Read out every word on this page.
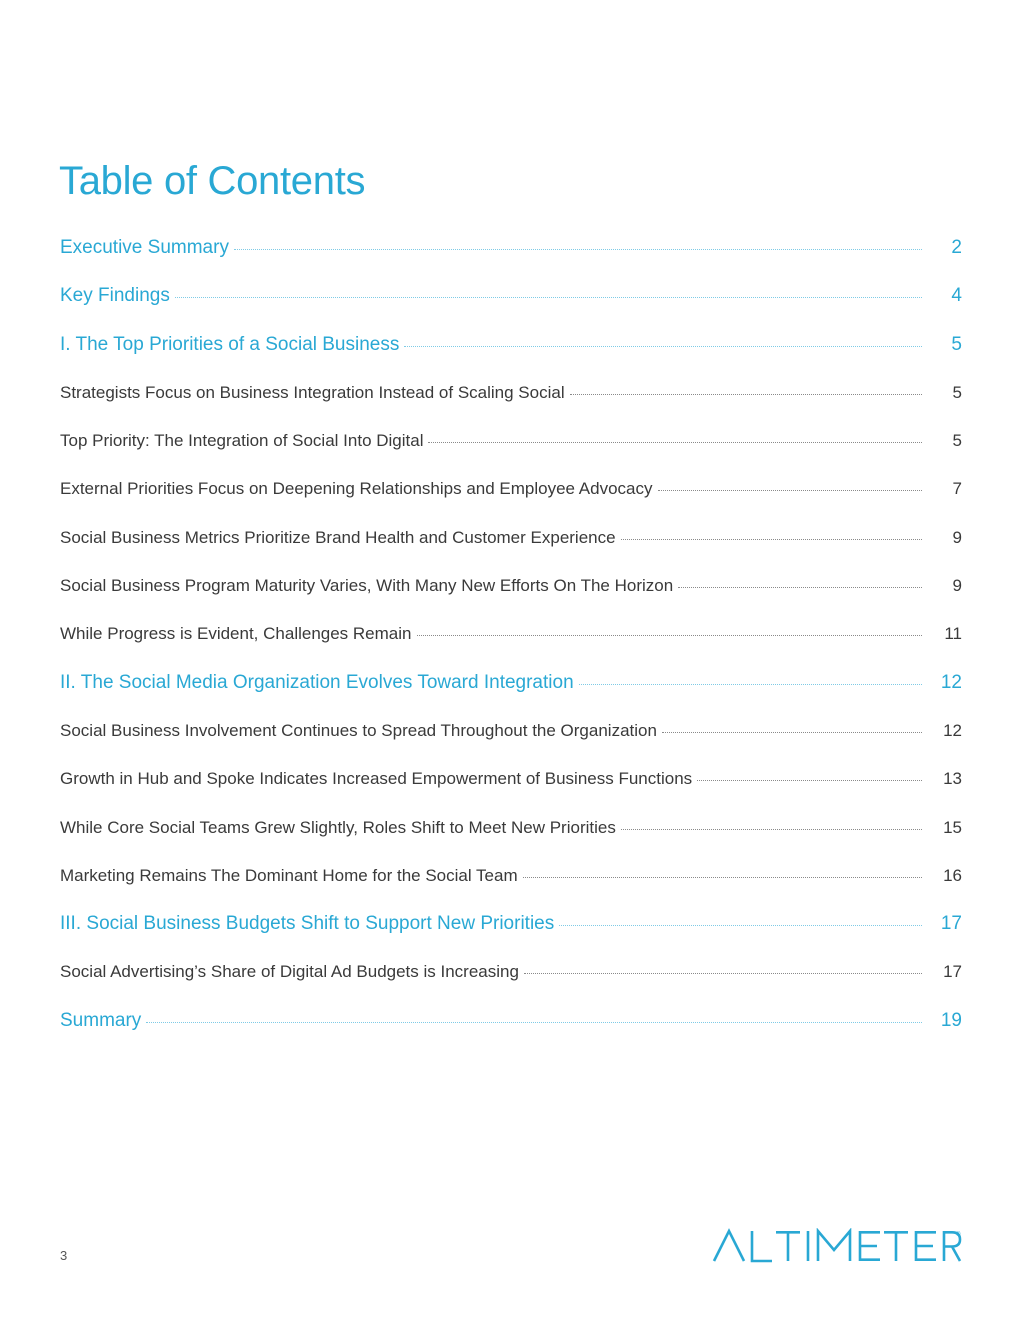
Table of Contents
Executive Summary	2
Key Findings	4
I. The Top Priorities of a Social Business	5
Strategists Focus on Business Integration Instead of Scaling Social	5
Top Priority: The Integration of Social Into Digital	5
External Priorities Focus on Deepening Relationships and Employee Advocacy	7
Social Business Metrics Prioritize Brand Health and Customer Experience	9
Social Business Program Maturity Varies, With Many New Efforts On The Horizon	9
While Progress is Evident, Challenges Remain	11
II. The Social Media Organization Evolves Toward Integration	12
Social Business Involvement Continues to Spread Throughout the Organization	12
Growth in Hub and Spoke Indicates Increased Empowerment of Business Functions	13
While Core Social Teams Grew Slightly, Roles Shift to Meet New Priorities	15
Marketing Remains The Dominant Home for the Social Team	16
III. Social Business Budgets Shift to Support New Priorities	17
Social Advertising’s Share of Digital Ad Budgets is Increasing	17
Summary	19
3
®
